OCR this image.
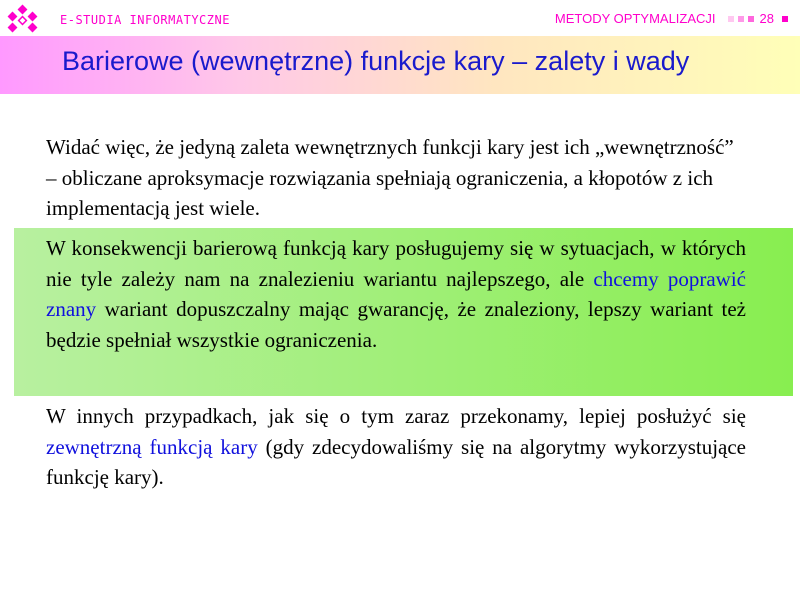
E-STUDIA INFORMATYCZNE	METODY OPTYMALIZACJI	28
Barierowe (wewnętrzne) funkcje kary – zalety i wady

Widać więc, że jedyną zaleta wewnętrznych funkcji kary jest ich „wewnętrzność” – obliczane aproksymacje rozwiązania spełniają ograniczenia, a kłopotów z ich implementacją jest wiele.

W konsekwencji barierową funkcją kary posługujemy się w sytuacjach, w których nie tyle zależy nam na znalezieniu wariantu najlepszego, ale chcemy poprawić znany wariant dopuszczalny mając gwarancję, że znaleziony, lepszy wariant też będzie spełniał wszystkie ograniczenia.

W innych przypadkach, jak się o tym zaraz przekonamy, lepiej posłużyć się zewnętrzną funkcją kary (gdy zdecydowaliśmy się na algorytmy wykorzystujące funkcję kary).
